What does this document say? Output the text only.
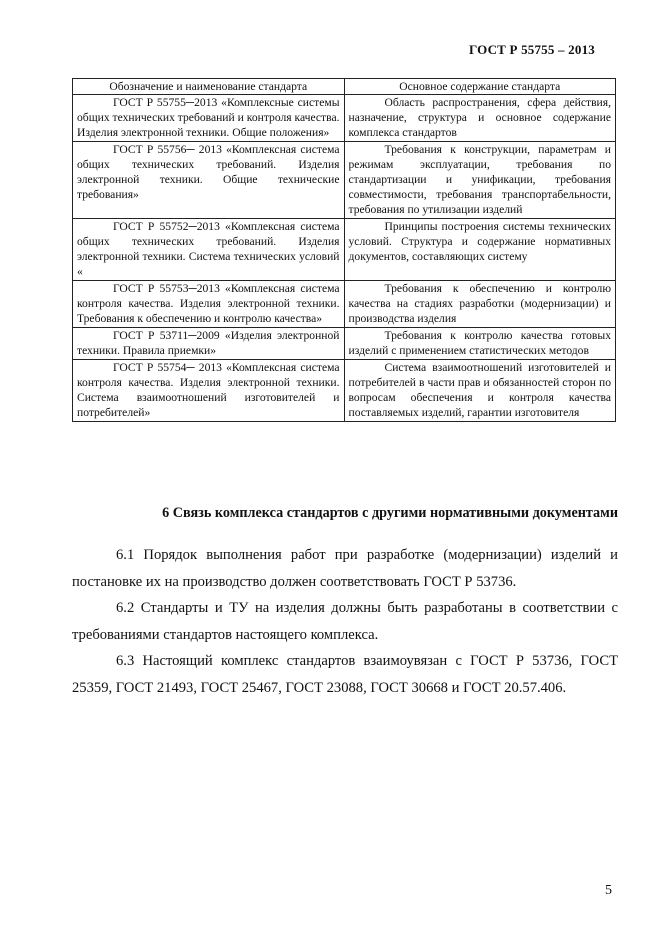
ГОСТ Р 55755 – 2013
Обозначение и наименование стандарта	Основное содержание стандарта

ГОСТ Р 55755─2013 «Комплексные системы общих технических требований и контроля качества. Изделия электронной техники. Общие положения»	Область распространения, сфера действия, назначение, структура и основное содержание комплекса стандартов

ГОСТ Р 55756─ 2013 «Комплексная система общих технических требований. Изделия электронной техники. Общие технические требования»	Требования к конструкции, параметрам и режимам эксплуатации, требования по стандартизации и унификации, требования совместимости, требования транспортабельности, требования по утилизации изделий

ГОСТ Р 55752─2013 «Комплексная система общих технических требований. Изделия электронной техники. Система технических условий «	Принципы построения системы технических условий. Структура и содержание нормативных документов, составляющих систему

ГОСТ Р 55753─2013 «Комплексная система контроля качества. Изделия электронной техники. Требования к обеспечению и контролю качества»	Требования к обеспечению и контролю качества на стадиях разработки (модернизации) и производства изделия

ГОСТ Р 53711─2009 «Изделия электронной техники. Правила приемки»	Требования к контролю качества готовых изделий с применением статистических методов

ГОСТ Р 55754─ 2013 «Комплексная система контроля качества. Изделия электронной техники. Система взаимоотношений изготовителей и потребителей»	Система взаимоотношений изготовителей и потребителей в части прав и обязанностей сторон по вопросам обеспечения и контроля качества поставляемых изделий, гарантии изготовителя
6 Связь комплекса стандартов с другими нормативными документами

6.1 Порядок выполнения работ при разработке (модернизации) изделий и постановке их на производство должен соответствовать ГОСТ Р 53736.

6.2 Стандарты и ТУ на изделия должны быть разработаны в соответствии с требованиями стандартов настоящего комплекса.

6.3 Настоящий комплекс стандартов взаимоувязан с ГОСТ Р 53736, ГОСТ 25359, ГОСТ 21493, ГОСТ 25467, ГОСТ 23088, ГОСТ 30668 и ГОСТ 20.57.406.

5
